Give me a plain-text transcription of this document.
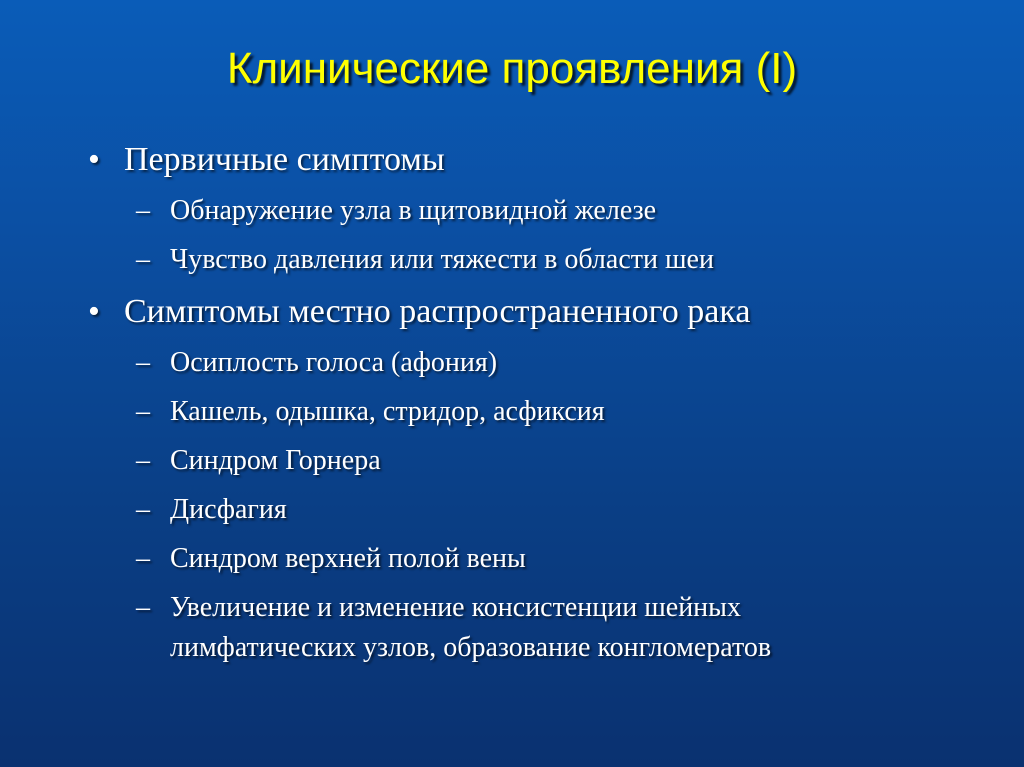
Клинические проявления (I)
• Первичные симптомы
– Обнаружение узла в щитовидной железе
– Чувство давления или тяжести в области шеи
• Симптомы местно распространенного рака
– Осиплость голоса (афония)
– Кашель, одышка, стридор, асфиксия
– Синдром Горнера
– Дисфагия
– Синдром верхней полой вены
– Увеличение и изменение консистенции шейных лимфатических узлов, образование конгломератов
